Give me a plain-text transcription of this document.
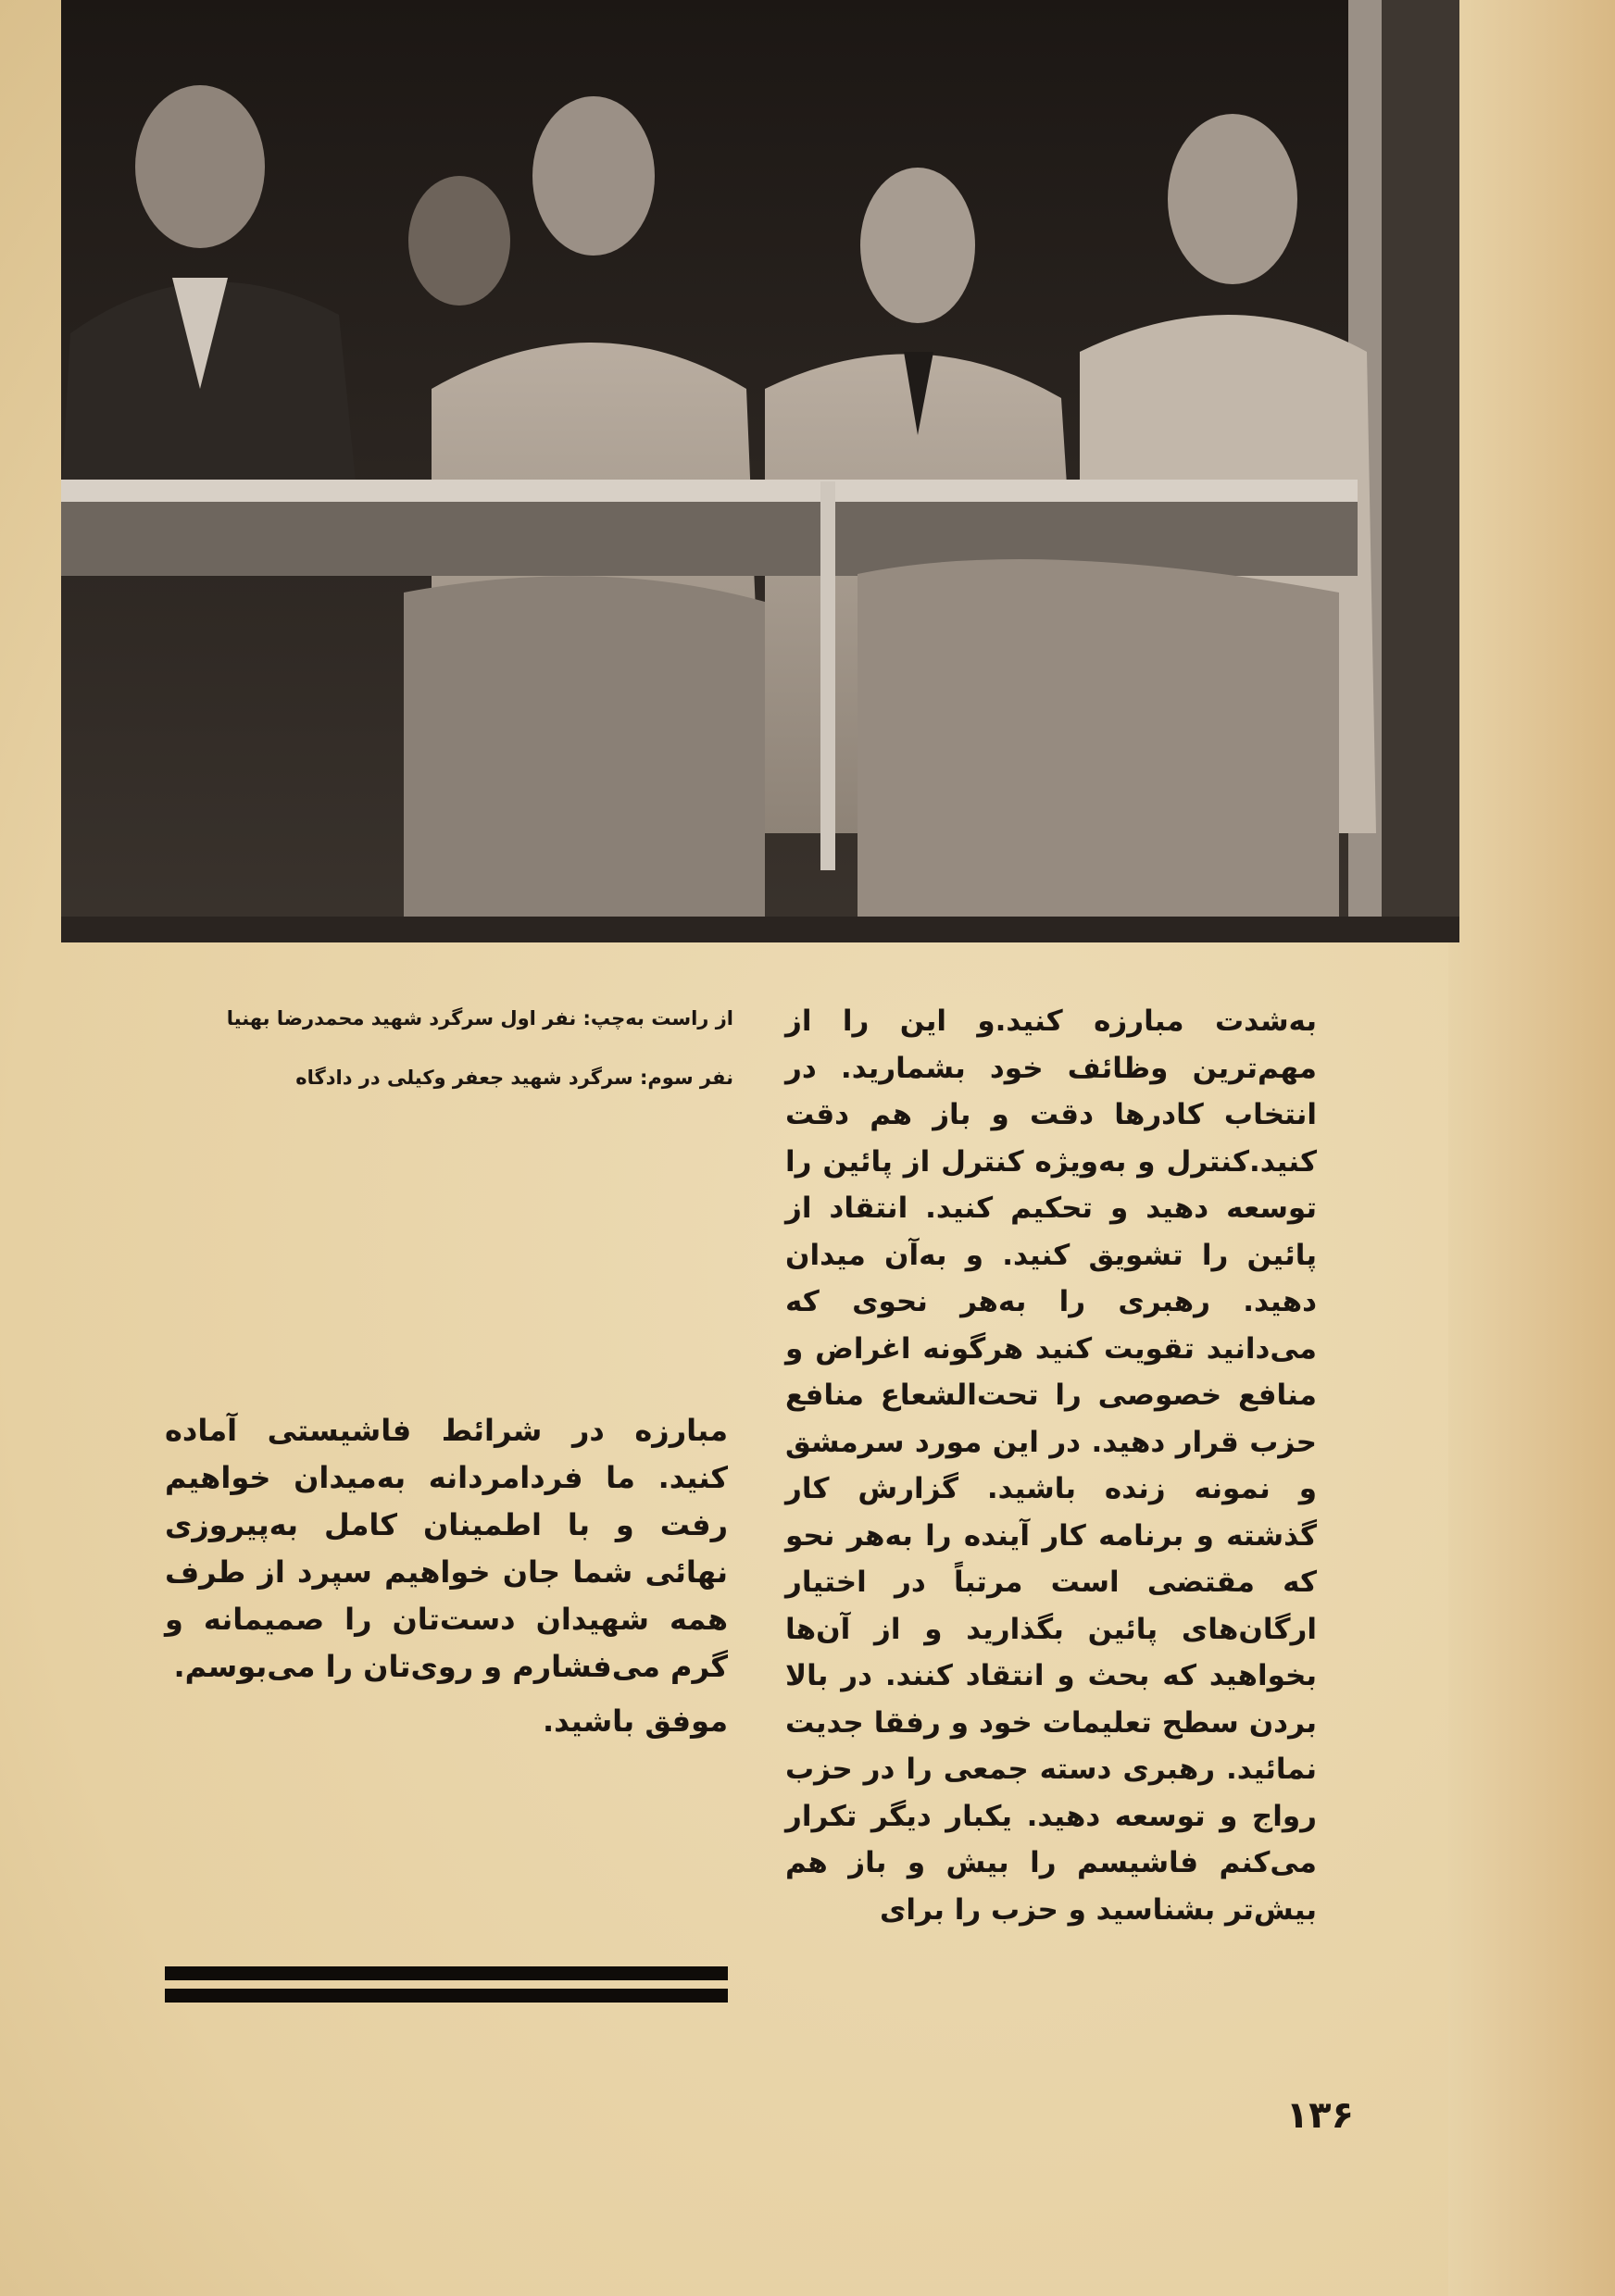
به‌شدت مبارزه کنید.و این را از مهم‌ترین وظائف خود بشمارید. در انتخاب کادرها دقت و باز هم دقت کنید.کنترل و به‌ویژه کنترل از پائین را توسعه دهید و تحکیم کنید. انتقاد از پائین را تشویق کنید. و به‌آن میدان دهید. رهبری را به‌هر نحوی که می‌دانید تقویت کنید هرگونه اغراض و منافع خصوصی را تحت‌الشعاع منافع حزب قرار دهید. در این مورد سرمشق و نمونه زنده باشید. گزارش کار گذشته و برنامه کار آینده را به‌هر نحو که مقتضی است مرتباً در اختیار ارگان‌های پائین بگذارید و از آن‌ها بخواهید که بحث و انتقاد کنند. در بالا بردن سطح تعلیمات خود و رفقا جدیت نمائید. رهبری دسته جمعی را در حزب رواج و توسعه دهید. یکبار دیگر تکرار می‌کنم فاشیسم را بیش و باز هم بیش‌تر بشناسید و حزب را برای

از راست به‌چپ: نفر اول سرگرد شهید محمدرضا بهنیا
نفر سوم: سرگرد شهید جعفر وکیلی در دادگاه

مبارزه در شرائط فاشیستی آماده کنید. ما فردامردانه به‌میدان خواهیم رفت و با اطمینان کامل به‌پیروزی نهائی شما جان خواهیم سپرد از طرف همه شهیدان دست‌تان را صمیمانه و گرم می‌فشارم و روی‌تان را می‌بوسم.

موفق باشید.

۱۳۶
